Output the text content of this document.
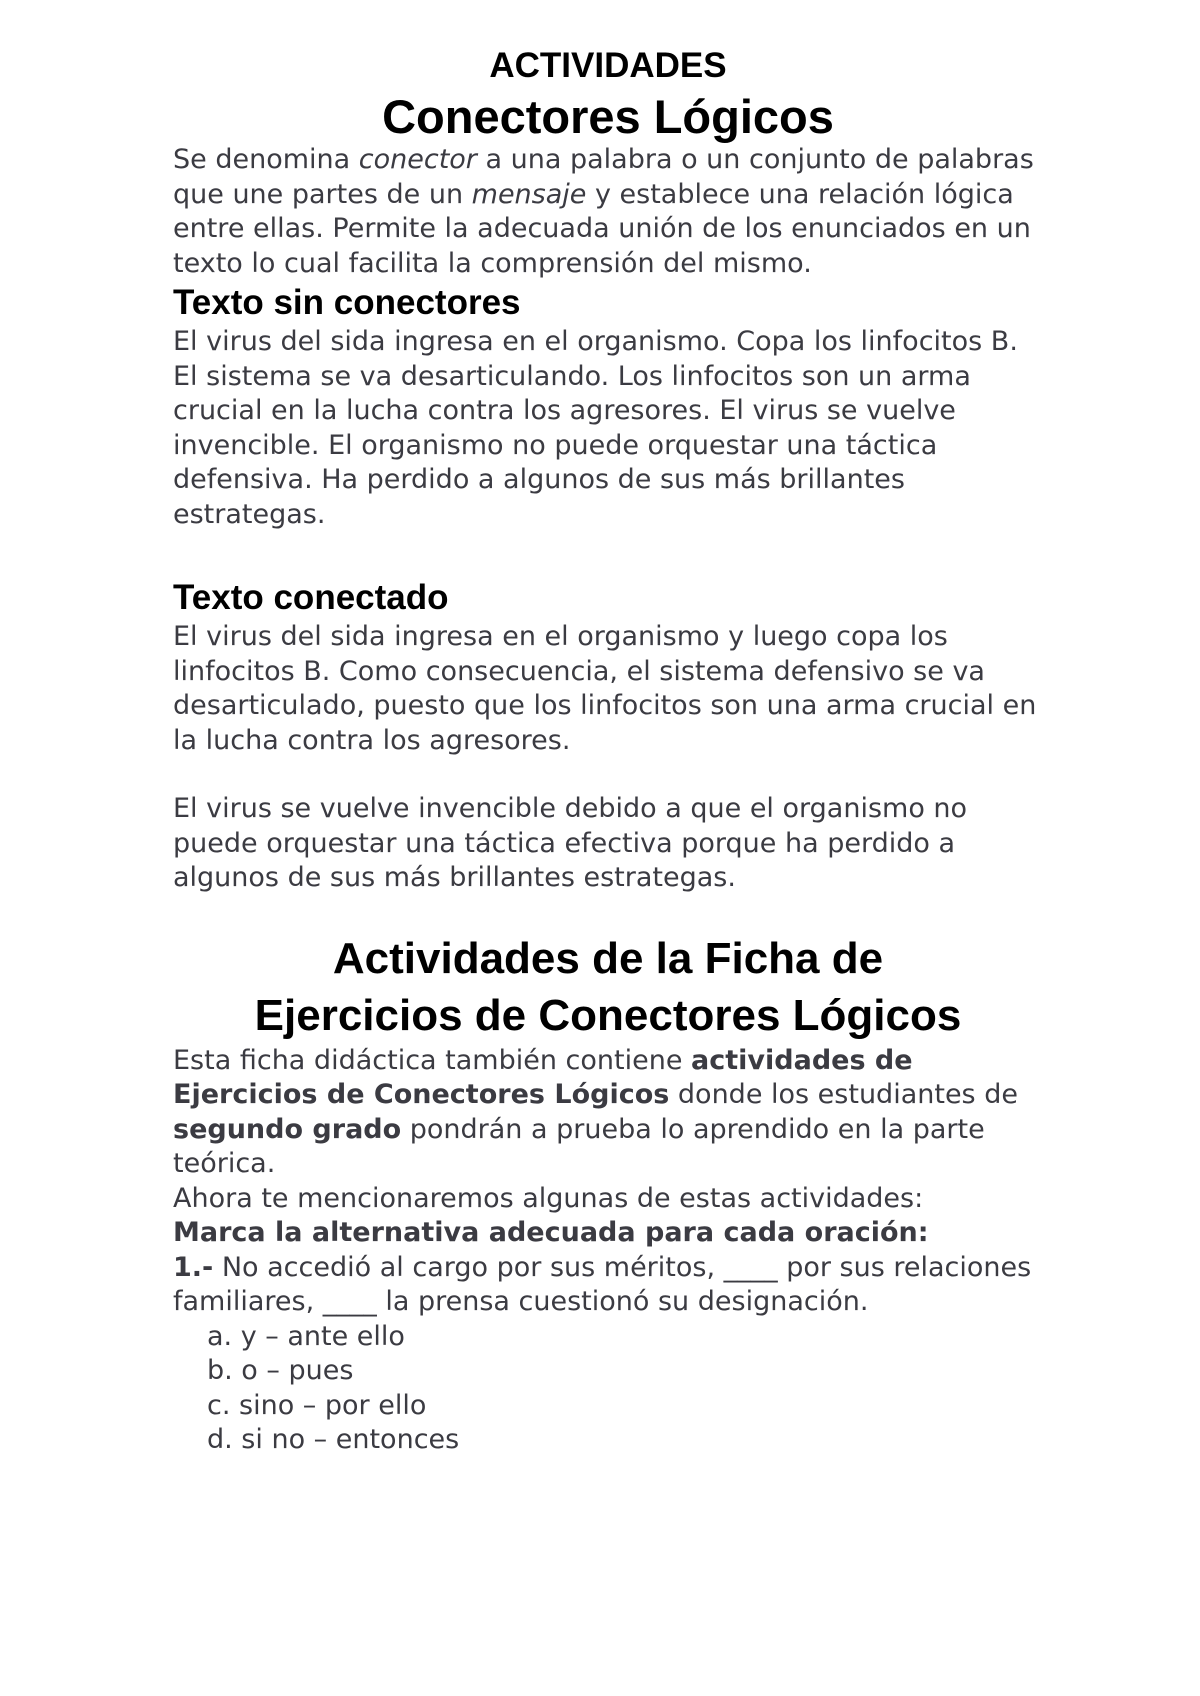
ACTIVIDADES
Conectores Lógicos

Se denomina conector a una palabra o un conjunto de palabras que une partes de un mensaje y establece una relación lógica entre ellas. Permite la adecuada unión de los enunciados en un texto lo cual facilita la comprensión del mismo.

Texto sin conectores

El virus del sida ingresa en el organismo. Copa los linfocitos B. El sistema se va desarticulando. Los linfocitos son un arma crucial en la lucha contra los agresores. El virus se vuelve invencible. El organismo no puede orquestar una táctica defensiva. Ha perdido a algunos de sus más brillantes estrategas.

Texto conectado

El virus del sida ingresa en el organismo y luego copa los linfocitos B. Como consecuencia, el sistema defensivo se va desarticulado, puesto que los linfocitos son una arma crucial en la lucha contra los agresores.

El virus se vuelve invencible debido a que el organismo no puede orquestar una táctica efectiva porque ha perdido a algunos de sus más brillantes estrategas.

Actividades de la Ficha de
Ejercicios de Conectores Lógicos

Esta ficha didáctica también contiene actividades de Ejercicios de Conectores Lógicos donde los estudiantes de segundo grado pondrán a prueba lo aprendido en la parte teórica.

Ahora te mencionaremos algunas de estas actividades:

Marca la alternativa adecuada para cada oración:

1.- No accedió al cargo por sus méritos, ____ por sus relaciones familiares, ____ la prensa cuestionó su designación.

a. y – ante ello
b. o – pues
c. sino – por ello
d. si no – entonces
